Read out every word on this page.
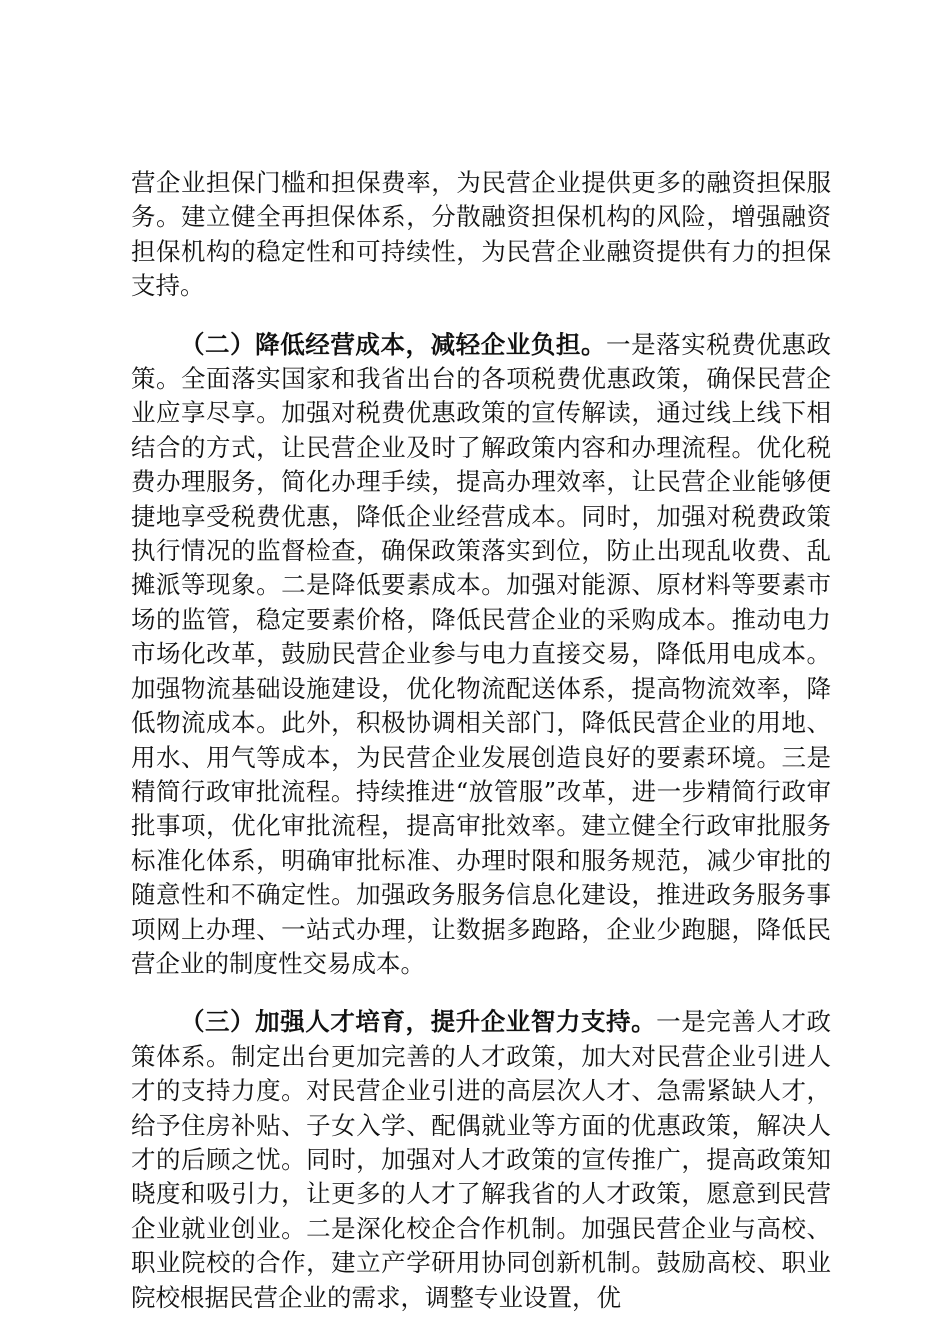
营企业担保门槛和担保费率，为民营企业提供更多的融资担保服务。建立健全再担保体系，分散融资担保机构的风险，增强融资担保机构的稳定性和可持续性，为民营企业融资提供有力的担保支持。

（二）降低经营成本，减轻企业负担。一是落实税费优惠政策。全面落实国家和我省出台的各项税费优惠政策，确保民营企业应享尽享。加强对税费优惠政策的宣传解读，通过线上线下相结合的方式，让民营企业及时了解政策内容和办理流程。优化税费办理服务，简化办理手续，提高办理效率，让民营企业能够便捷地享受税费优惠，降低企业经营成本。同时，加强对税费政策执行情况的监督检查，确保政策落实到位，防止出现乱收费、乱摊派等现象。二是降低要素成本。加强对能源、原材料等要素市场的监管，稳定要素价格，降低民营企业的采购成本。推动电力市场化改革，鼓励民营企业参与电力直接交易，降低用电成本。加强物流基础设施建设，优化物流配送体系，提高物流效率，降低物流成本。此外，积极协调相关部门，降低民营企业的用地、用水、用气等成本，为民营企业发展创造良好的要素环境。三是精简行政审批流程。持续推进“放管服”改革，进一步精简行政审批事项，优化审批流程，提高审批效率。建立健全行政审批服务标准化体系，明确审批标准、办理时限和服务规范，减少审批的随意性和不确定性。加强政务服务信息化建设，推进政务服务事项网上办理、一站式办理，让数据多跑路，企业少跑腿，降低民营企业的制度性交易成本。

（三）加强人才培育，提升企业智力支持。一是完善人才政策体系。制定出台更加完善的人才政策，加大对民营企业引进人才的支持力度。对民营企业引进的高层次人才、急需紧缺人才，给予住房补贴、子女入学、配偶就业等方面的优惠政策，解决人才的后顾之忧。同时，加强对人才政策的宣传推广，提高政策知晓度和吸引力，让更多的人才了解我省的人才政策，愿意到民营企业就业创业。二是深化校企合作机制。加强民营企业与高校、职业院校的合作，建立产学研用协同创新机制。鼓励高校、职业院校根据民营企业的需求，调整专业设置，优
